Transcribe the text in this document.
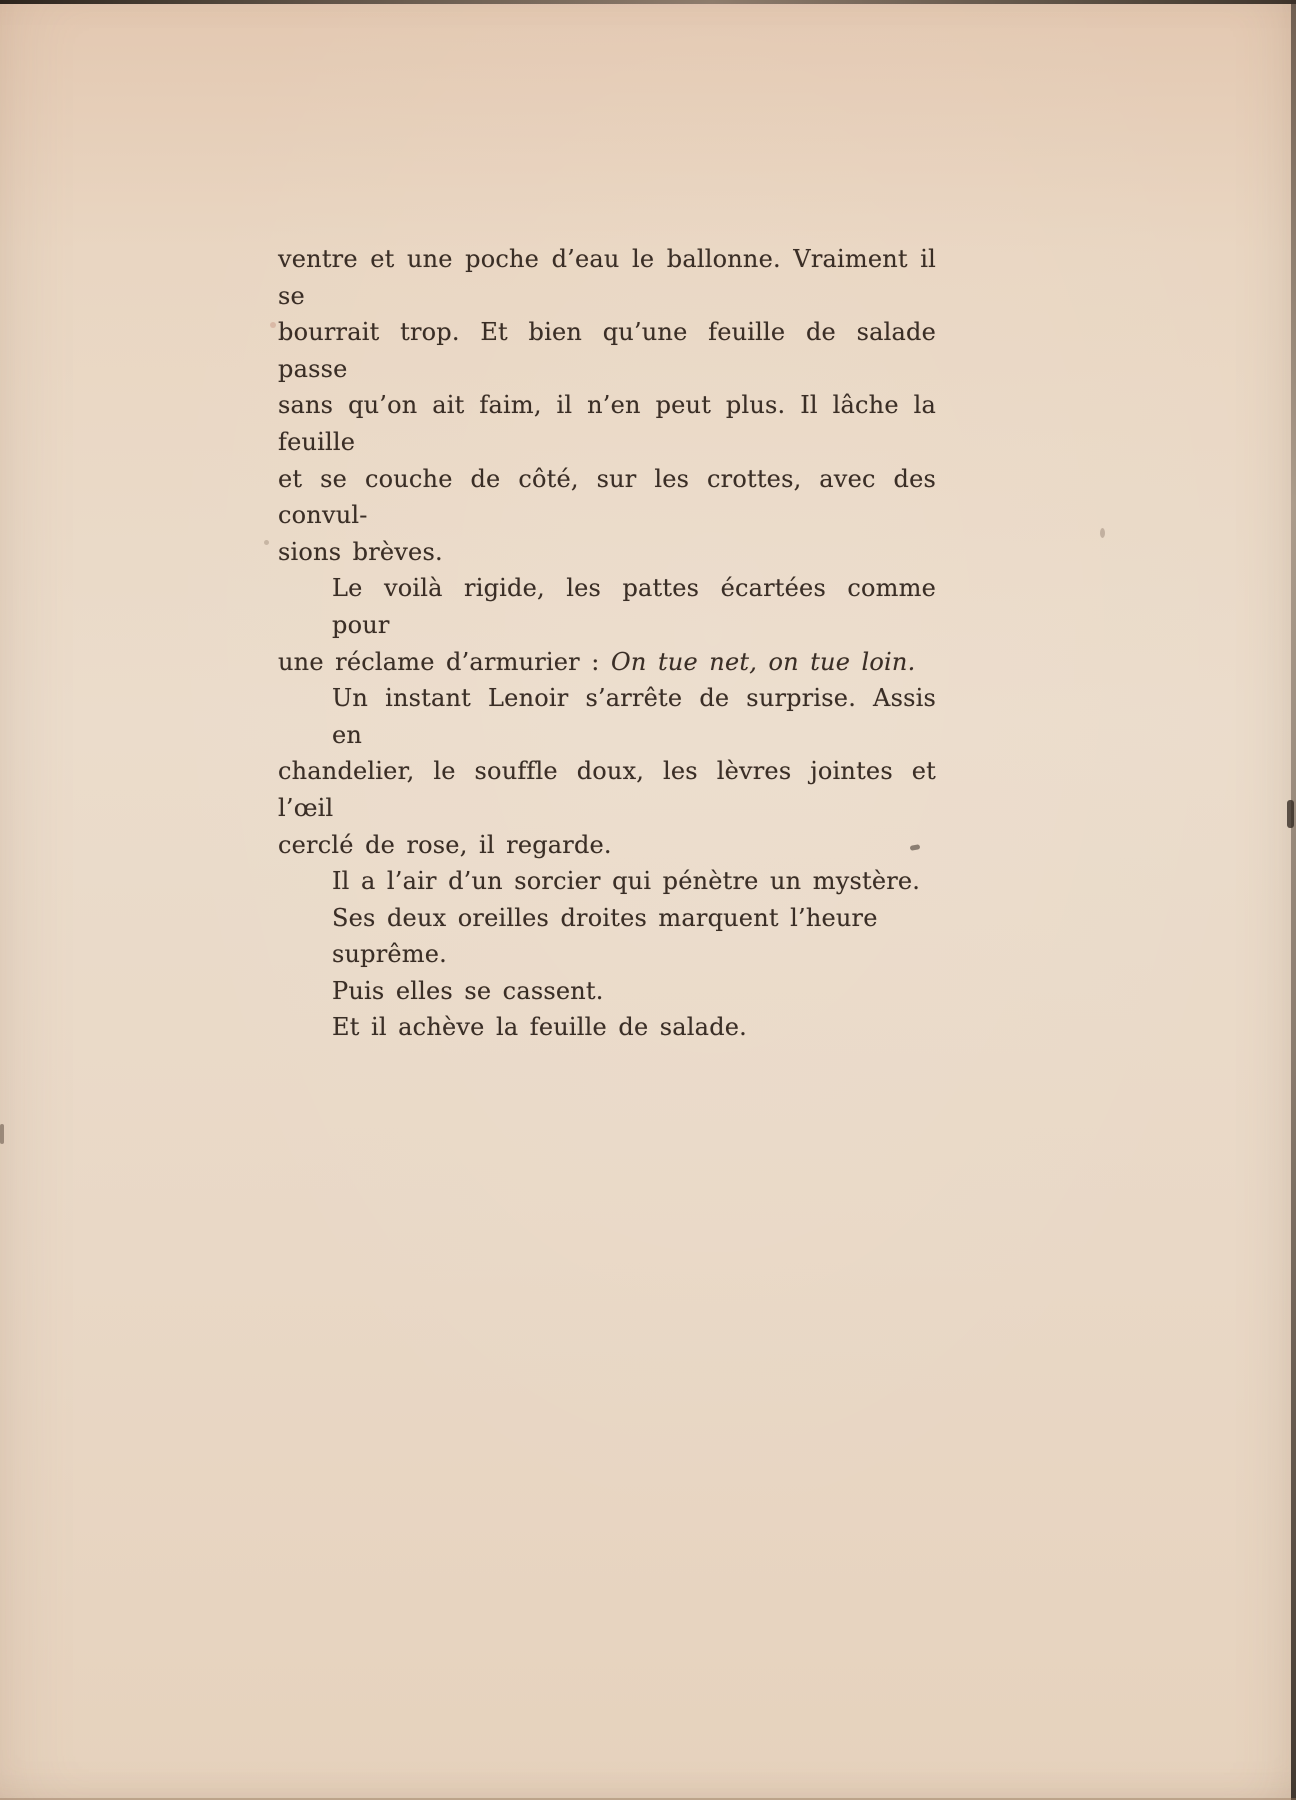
ventre et une poche d’eau le ballonne. Vraiment il se
bourrait trop. Et bien qu’une feuille de salade passe
sans qu’on ait faim, il n’en peut plus. Il lâche la feuille
et se couche de côté, sur les crottes, avec des convul-
sions brèves.
Le voilà rigide, les pattes écartées comme pour
une réclame d’armurier : On tue net, on tue loin.
Un instant Lenoir s’arrête de surprise. Assis en
chandelier, le souffle doux, les lèvres jointes et l’œil
cerclé de rose, il regarde.
Il a l’air d’un sorcier qui pénètre un mystère.
Ses deux oreilles droites marquent l’heure suprême.
Puis elles se cassent.
Et il achève la feuille de salade.
